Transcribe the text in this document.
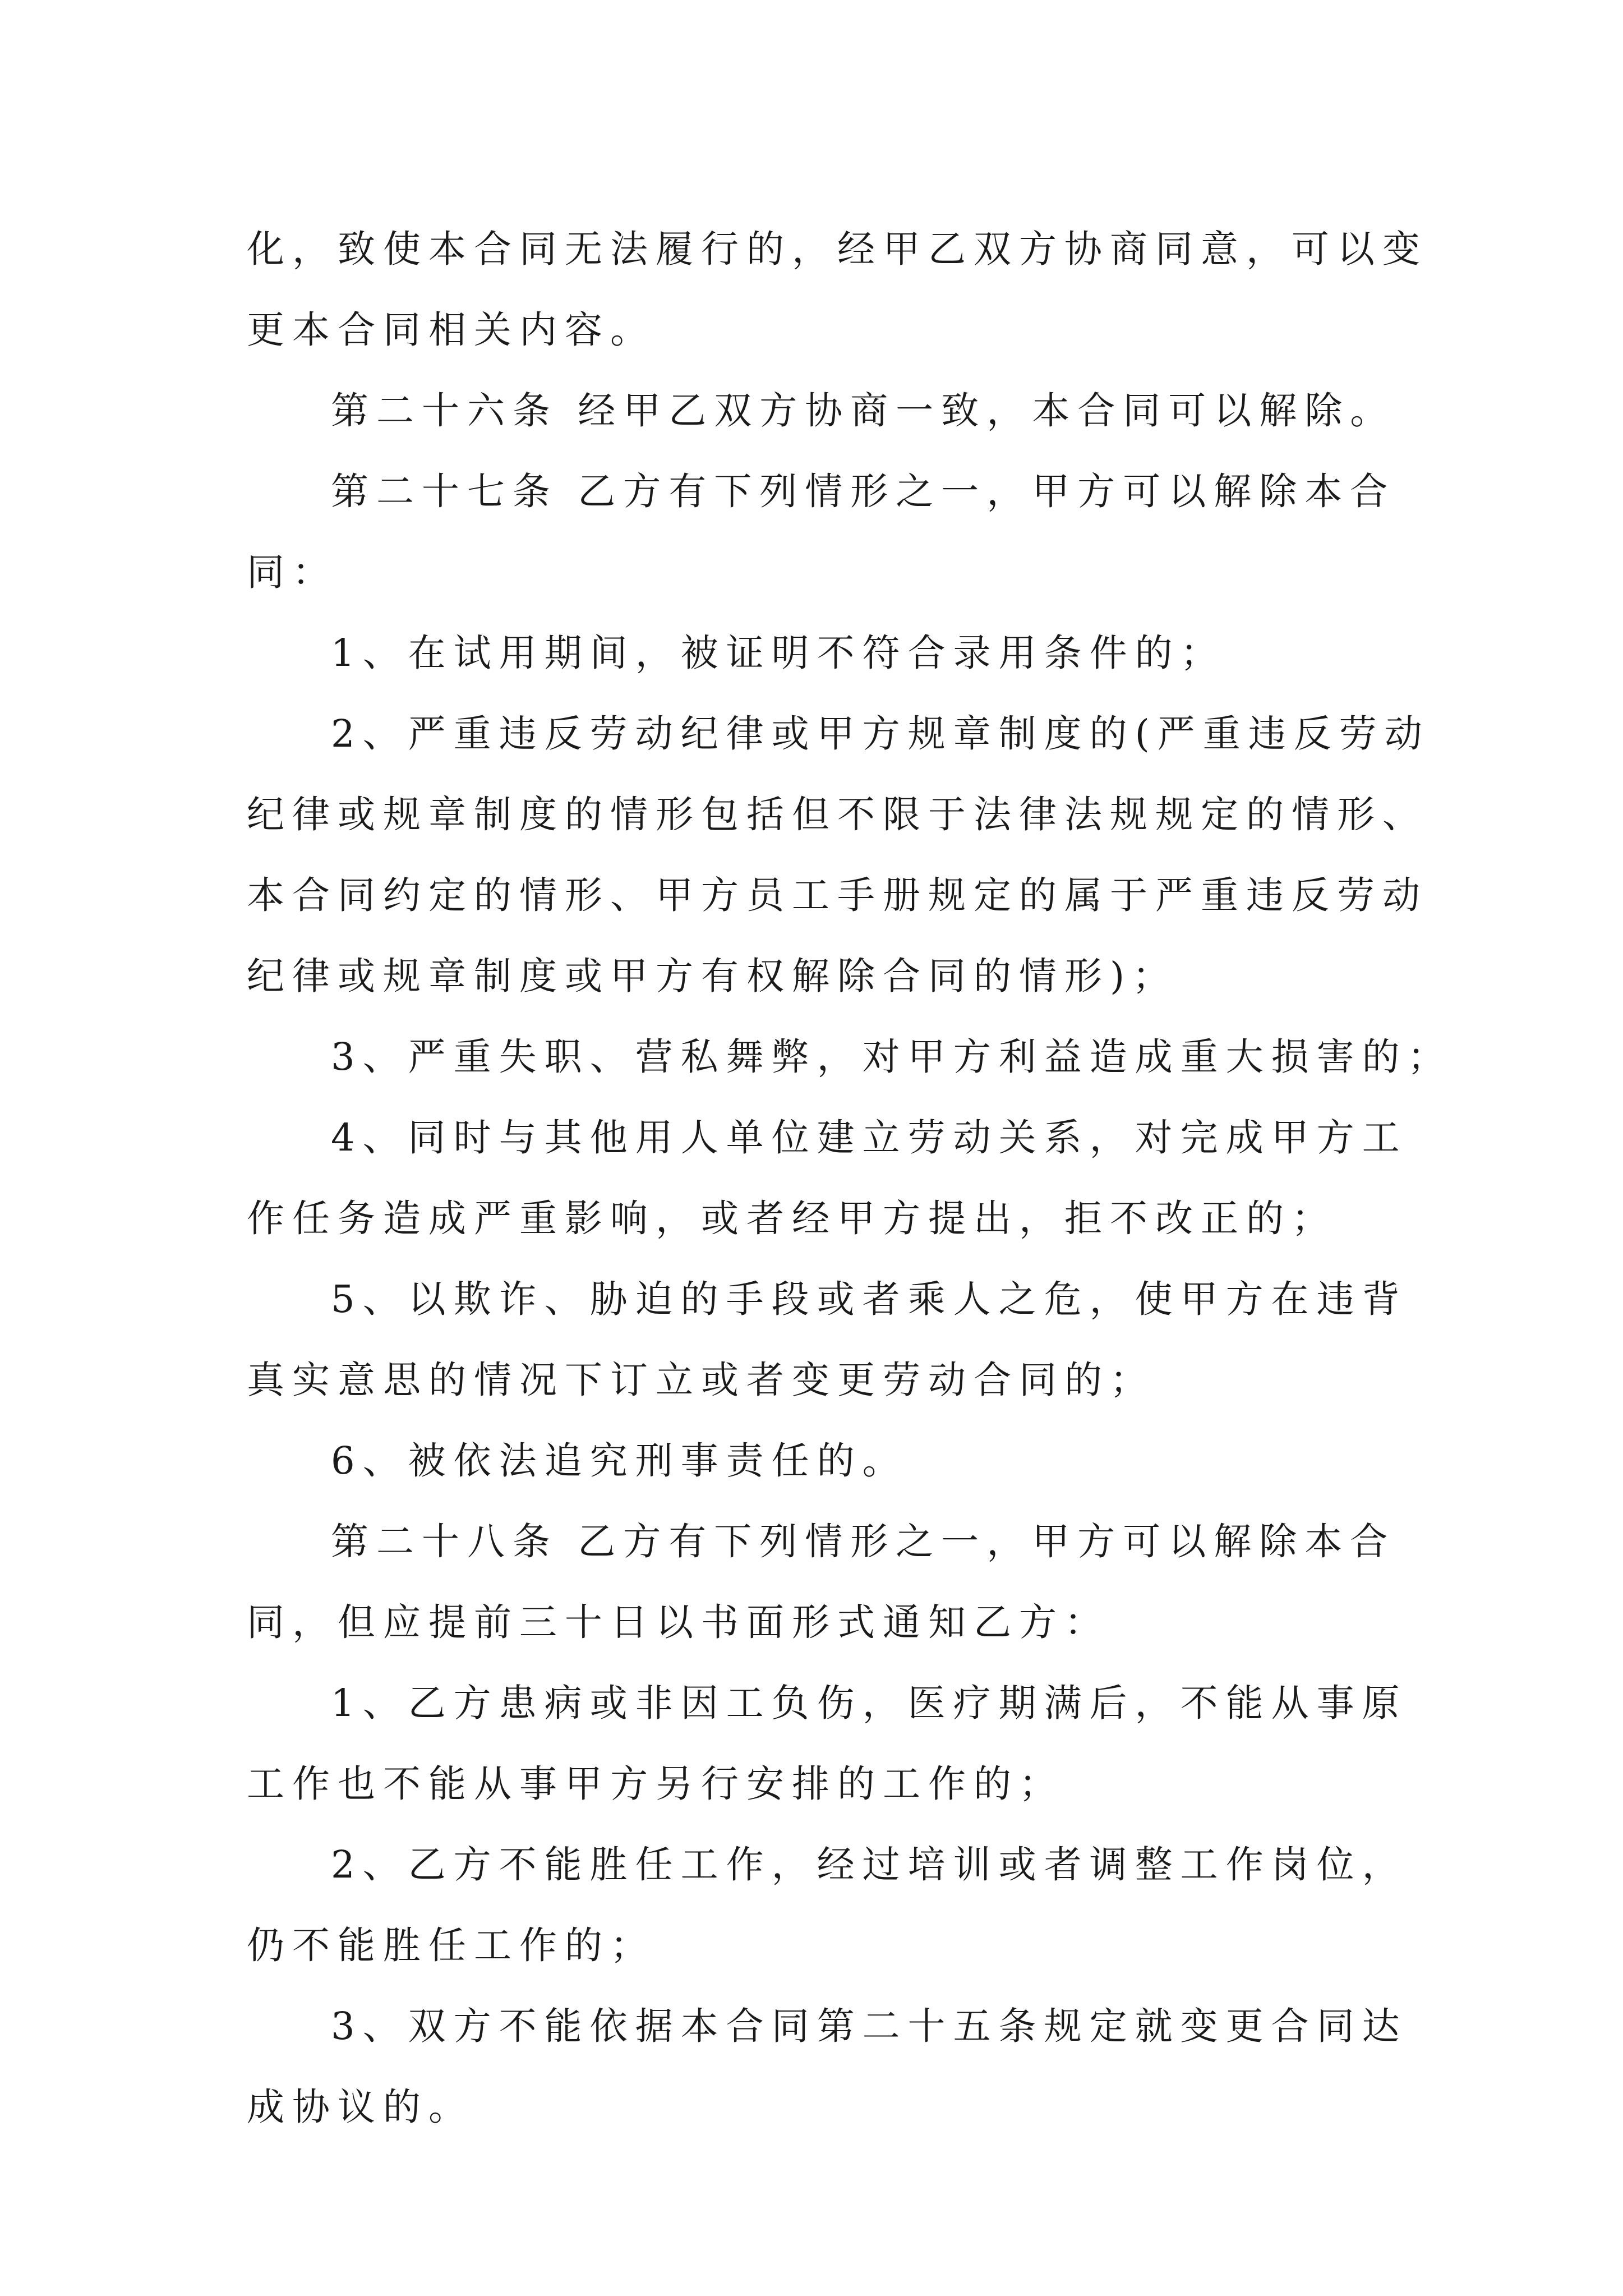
化，致使本合同无法履行的，经甲乙双方协商同意，可以变
更本合同相关内容。
第二十六条 经甲乙双方协商一致，本合同可以解除。
第二十七条 乙方有下列情形之一，甲方可以解除本合
同：
1、在试用期间，被证明不符合录用条件的；
2、严重违反劳动纪律或甲方规章制度的(严重违反劳动
纪律或规章制度的情形包括但不限于法律法规规定的情形、
本合同约定的情形、甲方员工手册规定的属于严重违反劳动
纪律或规章制度或甲方有权解除合同的情形)；
3、严重失职、营私舞弊，对甲方利益造成重大损害的；
4、同时与其他用人单位建立劳动关系，对完成甲方工
作任务造成严重影响，或者经甲方提出，拒不改正的；
5、以欺诈、胁迫的手段或者乘人之危，使甲方在违背
真实意思的情况下订立或者变更劳动合同的；
6、被依法追究刑事责任的。
第二十八条 乙方有下列情形之一，甲方可以解除本合
同，但应提前三十日以书面形式通知乙方：
1、乙方患病或非因工负伤，医疗期满后，不能从事原
工作也不能从事甲方另行安排的工作的；
2、乙方不能胜任工作，经过培训或者调整工作岗位，
仍不能胜任工作的；
3、双方不能依据本合同第二十五条规定就变更合同达
成协议的。
